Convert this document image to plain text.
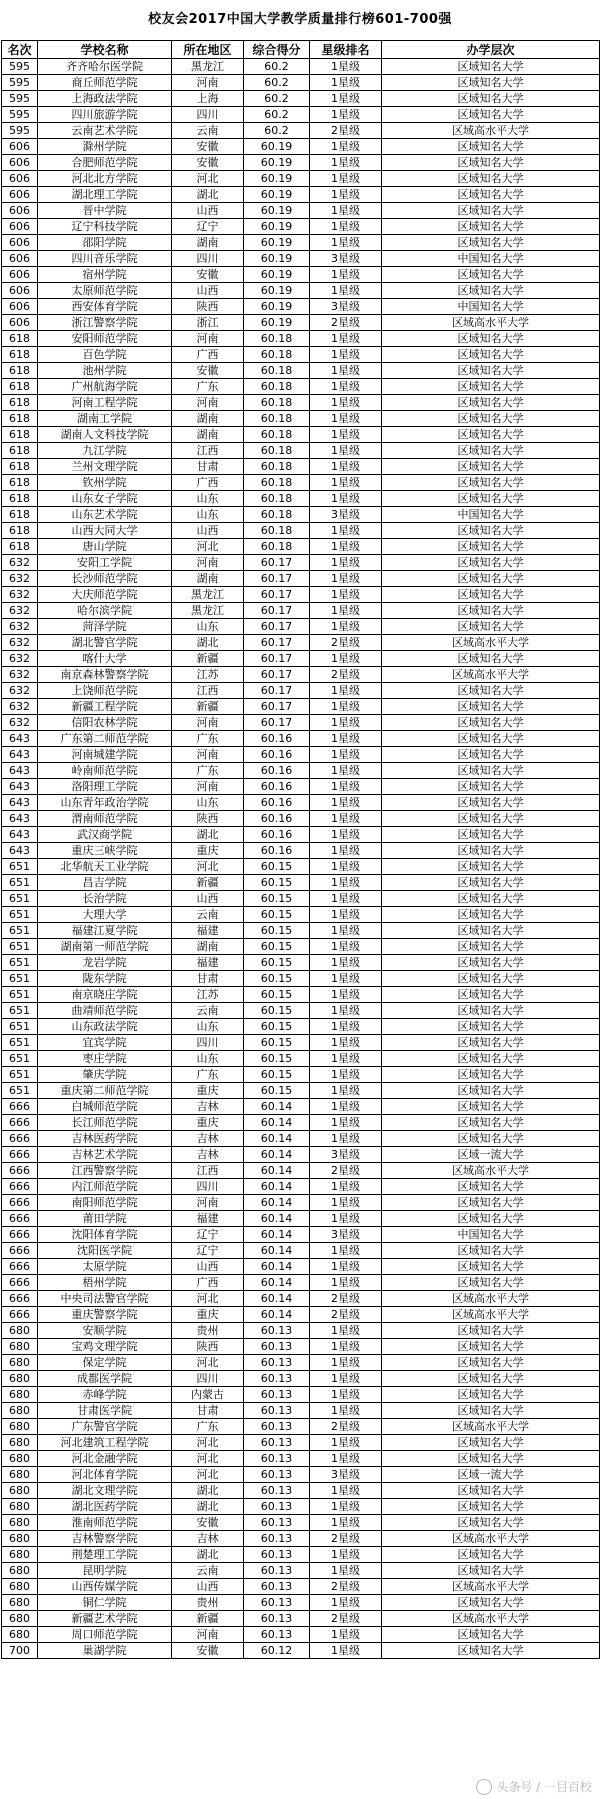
校友会2017中国大学教学质量排行榜601-700强
名次	学校名称	所在地区	综合得分	星级排名	办学层次
595	齐齐哈尔医学院	黑龙江	60.2	1星级	区域知名大学
595	商丘师范学院	河南	60.2	1星级	区域知名大学
595	上海政法学院	上海	60.2	1星级	区域知名大学
595	四川旅游学院	四川	60.2	1星级	区域知名大学
595	云南艺术学院	云南	60.2	2星级	区域高水平大学
606	滁州学院	安徽	60.19	1星级	区域知名大学
606	合肥师范学院	安徽	60.19	1星级	区域知名大学
606	河北北方学院	河北	60.19	1星级	区域知名大学
606	湖北理工学院	湖北	60.19	1星级	区域知名大学
606	晋中学院	山西	60.19	1星级	区域知名大学
606	辽宁科技学院	辽宁	60.19	1星级	区域知名大学
606	邵阳学院	湖南	60.19	1星级	区域知名大学
606	四川音乐学院	四川	60.19	3星级	中国知名大学
606	宿州学院	安徽	60.19	1星级	区域知名大学
606	太原师范学院	山西	60.19	1星级	区域知名大学
606	西安体育学院	陕西	60.19	3星级	中国知名大学
606	浙江警察学院	浙江	60.19	2星级	区域高水平大学
618	安阳师范学院	河南	60.18	1星级	区域知名大学
618	百色学院	广西	60.18	1星级	区域知名大学
618	池州学院	安徽	60.18	1星级	区域知名大学
618	广州航海学院	广东	60.18	1星级	区域知名大学
618	河南工程学院	河南	60.18	1星级	区域知名大学
618	湖南工学院	湖南	60.18	1星级	区域知名大学
618	湖南人文科技学院	湖南	60.18	1星级	区域知名大学
618	九江学院	江西	60.18	1星级	区域知名大学
618	兰州文理学院	甘肃	60.18	1星级	区域知名大学
618	钦州学院	广西	60.18	1星级	区域知名大学
618	山东女子学院	山东	60.18	1星级	区域知名大学
618	山东艺术学院	山东	60.18	3星级	中国知名大学
618	山西大同大学	山西	60.18	1星级	区域知名大学
618	唐山学院	河北	60.18	1星级	区域知名大学
632	安阳工学院	河南	60.17	1星级	区域知名大学
632	长沙师范学院	湖南	60.17	1星级	区域知名大学
632	大庆师范学院	黑龙江	60.17	1星级	区域知名大学
632	哈尔滨学院	黑龙江	60.17	1星级	区域知名大学
632	菏泽学院	山东	60.17	1星级	区域知名大学
632	湖北警官学院	湖北	60.17	2星级	区域高水平大学
632	喀什大学	新疆	60.17	1星级	区域知名大学
632	南京森林警察学院	江苏	60.17	2星级	区域高水平大学
632	上饶师范学院	江西	60.17	1星级	区域知名大学
632	新疆工程学院	新疆	60.17	1星级	区域知名大学
632	信阳农林学院	河南	60.17	1星级	区域知名大学
643	广东第二师范学院	广东	60.16	1星级	区域知名大学
643	河南城建学院	河南	60.16	1星级	区域知名大学
643	岭南师范学院	广东	60.16	1星级	区域知名大学
643	洛阳理工学院	河南	60.16	1星级	区域知名大学
643	山东青年政治学院	山东	60.16	1星级	区域知名大学
643	渭南师范学院	陕西	60.16	1星级	区域知名大学
643	武汉商学院	湖北	60.16	1星级	区域知名大学
643	重庆三峡学院	重庆	60.16	1星级	区域知名大学
651	北华航天工业学院	河北	60.15	1星级	区域知名大学
651	昌吉学院	新疆	60.15	1星级	区域知名大学
651	长治学院	山西	60.15	1星级	区域知名大学
651	大理大学	云南	60.15	1星级	区域知名大学
651	福建江夏学院	福建	60.15	1星级	区域知名大学
651	湖南第一师范学院	湖南	60.15	1星级	区域知名大学
651	龙岩学院	福建	60.15	1星级	区域知名大学
651	陇东学院	甘肃	60.15	1星级	区域知名大学
651	南京晓庄学院	江苏	60.15	1星级	区域知名大学
651	曲靖师范学院	云南	60.15	1星级	区域知名大学
651	山东政法学院	山东	60.15	1星级	区域知名大学
651	宜宾学院	四川	60.15	1星级	区域知名大学
651	枣庄学院	山东	60.15	1星级	区域知名大学
651	肇庆学院	广东	60.15	1星级	区域知名大学
651	重庆第二师范学院	重庆	60.15	1星级	区域知名大学
666	白城师范学院	吉林	60.14	1星级	区域知名大学
666	长江师范学院	重庆	60.14	1星级	区域知名大学
666	吉林医药学院	吉林	60.14	1星级	区域知名大学
666	吉林艺术学院	吉林	60.14	3星级	区域一流大学
666	江西警察学院	江西	60.14	2星级	区域高水平大学
666	内江师范学院	四川	60.14	1星级	区域知名大学
666	南阳师范学院	河南	60.14	1星级	区域知名大学
666	莆田学院	福建	60.14	1星级	区域知名大学
666	沈阳体育学院	辽宁	60.14	3星级	中国知名大学
666	沈阳医学院	辽宁	60.14	1星级	区域知名大学
666	太原学院	山西	60.14	1星级	区域知名大学
666	梧州学院	广西	60.14	1星级	区域知名大学
666	中央司法警官学院	河北	60.14	2星级	区域高水平大学
666	重庆警察学院	重庆	60.14	2星级	区域高水平大学
680	安顺学院	贵州	60.13	1星级	区域知名大学
680	宝鸡文理学院	陕西	60.13	1星级	区域知名大学
680	保定学院	河北	60.13	1星级	区域知名大学
680	成都医学院	四川	60.13	1星级	区域知名大学
680	赤峰学院	内蒙古	60.13	1星级	区域知名大学
680	甘肃医学院	甘肃	60.13	1星级	区域知名大学
680	广东警官学院	广东	60.13	2星级	区域高水平大学
680	河北建筑工程学院	河北	60.13	1星级	区域知名大学
680	河北金融学院	河北	60.13	1星级	区域知名大学
680	河北体育学院	河北	60.13	3星级	区域一流大学
680	湖北文理学院	湖北	60.13	1星级	区域知名大学
680	湖北医药学院	湖北	60.13	1星级	区域知名大学
680	淮南师范学院	安徽	60.13	1星级	区域知名大学
680	吉林警察学院	吉林	60.13	2星级	区域高水平大学
680	荆楚理工学院	湖北	60.13	1星级	区域知名大学
680	昆明学院	云南	60.13	1星级	区域知名大学
680	山西传媒学院	山西	60.13	2星级	区域高水平大学
680	铜仁学院	贵州	60.13	1星级	区域知名大学
680	新疆艺术学院	新疆	60.13	2星级	区域高水平大学
680	周口师范学院	河南	60.13	1星级	区域知名大学
700	巢湖学院	安徽	60.12	1星级	区域知名大学
头条号 / 一目百校
